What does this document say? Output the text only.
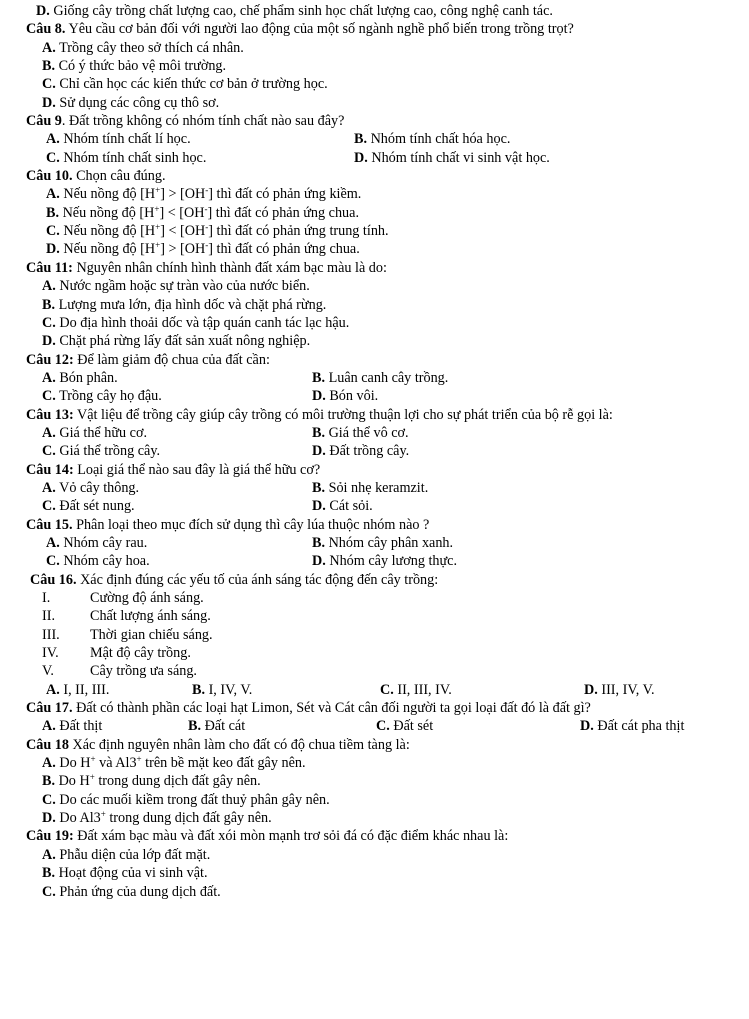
D. Giống cây trồng chất lượng cao, chế phẩm sinh học chất lượng cao, công nghệ canh tác.
Câu 8. Yêu cầu cơ bản đối với người lao động của một số ngành nghề phổ biến trong trồng trọt?
A. Trồng cây theo sở thích cá nhân.
B. Có ý thức bảo vệ môi trường.
C. Chỉ cần học các kiến thức cơ bản ở trường học.
D. Sử dụng các công cụ thô sơ.
Câu 9. Đất trồng không có nhóm tính chất nào sau đây?
A. Nhóm tính chất lí học.	B. Nhóm tính chất hóa học.
C. Nhóm tính chất sinh học.	D. Nhóm tính chất vi sinh vật học.
Câu 10. Chọn câu đúng.
A. Nếu nồng độ [H+] > [OH-] thì đất có phản ứng kiềm.
B. Nếu nồng độ [H+] < [OH-] thì đất có phản ứng chua.
C. Nếu nồng độ [H+] < [OH-] thì đất có phản ứng trung tính.
D. Nếu nồng độ [H+] > [OH-] thì đất có phản ứng chua.
Câu 11: Nguyên nhân chính hình thành đất xám bạc màu là do:
A. Nước ngầm hoặc sự tràn vào của nước biển.
B. Lượng mưa lớn, địa hình dốc và chặt phá rừng.
C. Do địa hình thoải dốc và tập quán canh tác lạc hậu.
D. Chặt phá rừng lấy đất sản xuất nông nghiệp.
Câu 12: Để làm giảm độ chua của đất cần:
A. Bón phân.	B. Luân canh cây trồng.
C. Trồng cây họ đậu.	D. Bón vôi.
Câu 13: Vật liệu để trồng cây giúp cây trồng có môi trường thuận lợi cho sự phát triển của bộ rễ gọi là:
A. Giá thể hữu cơ.	B. Giá thể vô cơ.
C. Giá thể trồng cây.	D. Đất trồng cây.
Câu 14: Loại giá thể nào sau đây là giá thể hữu cơ?
A. Vỏ cây thông.	B. Sỏi nhẹ keramzit.
C. Đất sét nung.	D. Cát sỏi.
Câu 15. Phân loại theo mục đích sử dụng thì cây lúa thuộc nhóm nào ?
A. Nhóm cây rau.	B. Nhóm cây phân xanh.
C. Nhóm cây hoa.	D. Nhóm cây lương thực.
Câu 16. Xác định đúng các yếu tố của ánh sáng tác động đến cây trồng:
I.	Cường độ ánh sáng.
II. Chất lượng ánh sáng.
III. Thời gian chiếu sáng.
IV. Mật độ cây trồng.
V.	Cây trồng ưa sáng.
A. I, II, III.	B. I, IV, V.	C. II, III, IV.	D. III, IV, V.
Câu 17. Đất có thành phần các loại hạt Limon, Sét và Cát cân đối người ta gọi loại đất đó là đất gì?
A. Đất thịt	B. Đất cát	C. Đất sét	D. Đất cát pha thịt
Câu 18 Xác định nguyên nhân làm cho đất có độ chua tiềm tàng là:
A. Do H+ và Al3+ trên bề mặt keo đất gây nên.
B. Do H+ trong dung dịch đất gây nên.
C. Do các muối kiềm trong đất thuỷ phân gây nên.
D. Do Al3+ trong dung dịch đất gây nên.
Câu 19: Đất xám bạc màu và đất xói mòn mạnh trơ sỏi đá có đặc điểm khác nhau là:
A. Phẫu diện của lớp đất mặt.
B. Hoạt động của vi sinh vật.
C. Phản ứng của dung dịch đất.
